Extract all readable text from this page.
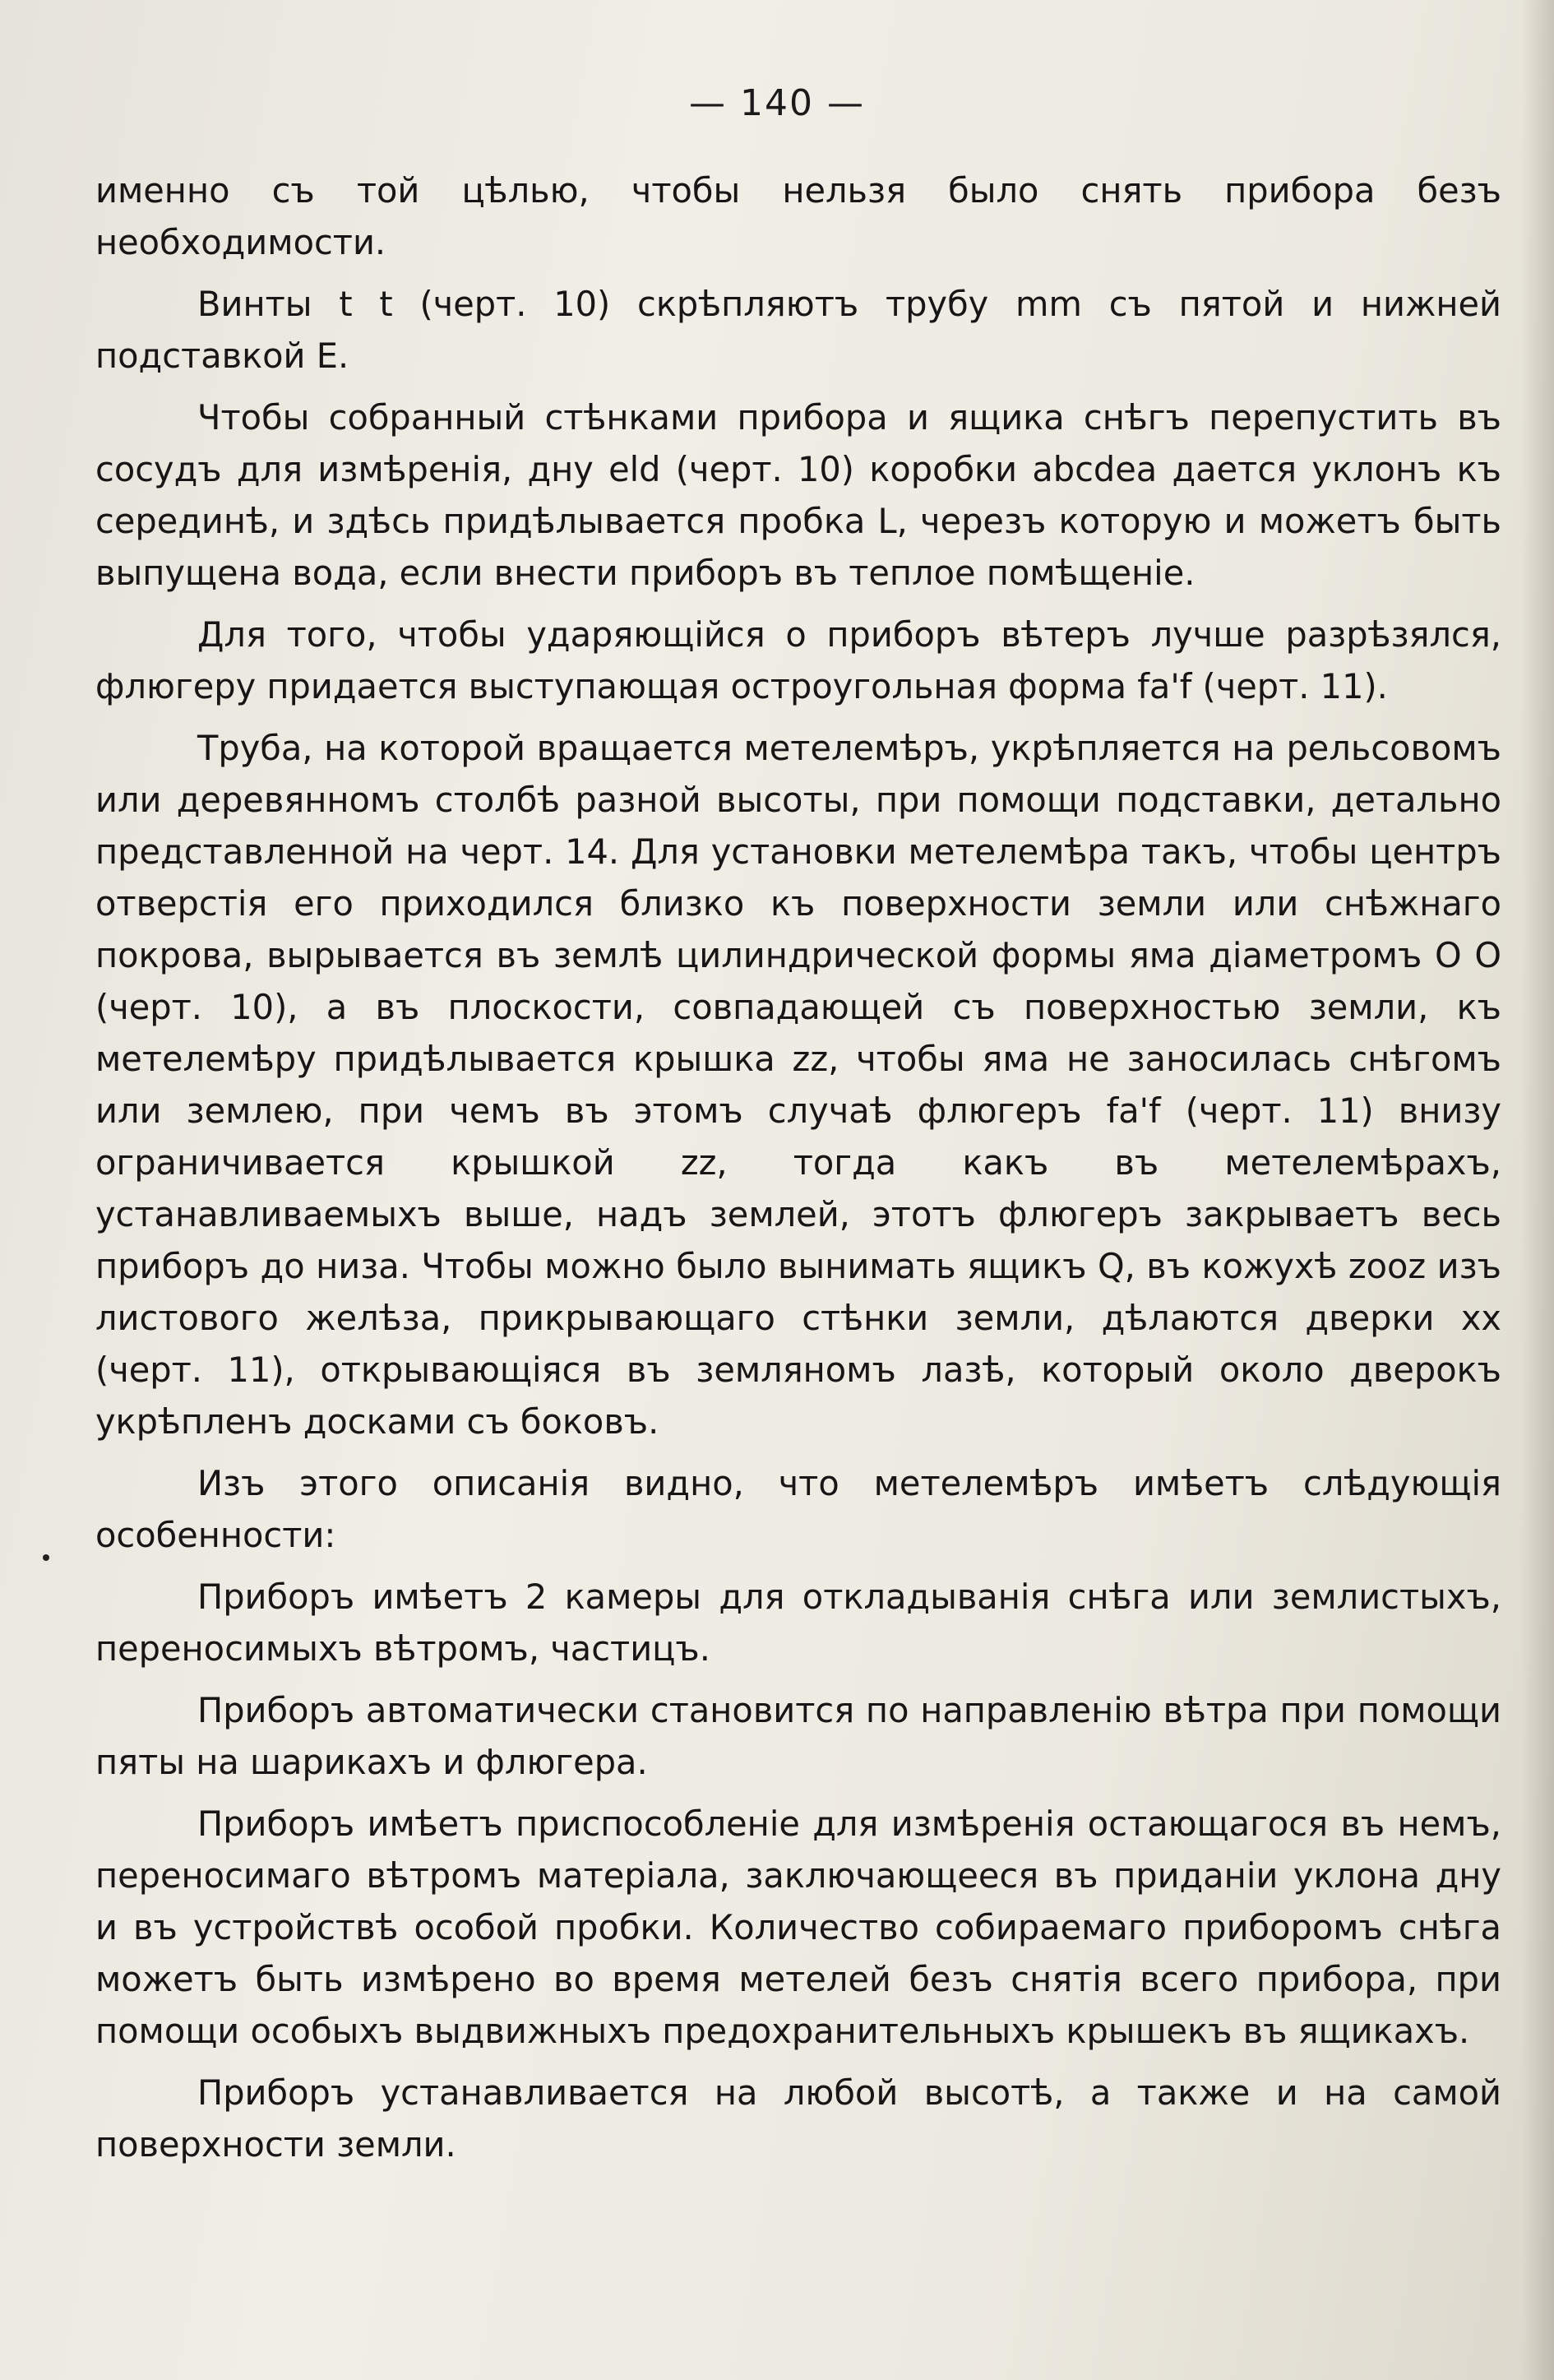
— 140 —

именно съ той цѣлью, чтобы нельзя было снять прибора безъ необходимости.

Винты t t (черт. 10) скрѣпляютъ трубу mm съ пятой и нижней подставкой E.

Чтобы собранный стѣнками прибора и ящика снѣгъ перепустить въ сосудъ для измѣренія, дну eld (черт. 10) коробки abcdea дается уклонъ къ серединѣ, и здѣсь придѣлывается пробка L, черезъ которую и можетъ быть выпущена вода, если внести приборъ въ теплое помѣщеніе.

Для того, чтобы ударяющійся о приборъ вѣтеръ лучше разрѣзялся, флюгеру придается выступающая остроугольная форма fa'f (черт. 11).

Труба, на которой вращается метелемѣръ, укрѣпляется на рельсовомъ или деревянномъ столбѣ разной высоты, при помощи подставки, детально представленной на черт. 14. Для установки метелемѣра такъ, чтобы центръ отверстія его приходился близко къ поверхности земли или снѣжнаго покрова, вырывается въ землѣ цилиндрической формы яма діаметромъ O O (черт. 10), а въ плоскости, совпадающей съ поверхностью земли, къ метелемѣру придѣлывается крышка zz, чтобы яма не заносилась снѣгомъ или землею, при чемъ въ этомъ случаѣ флюгеръ fa'f (черт. 11) внизу ограничивается крышкой zz, тогда какъ въ метелемѣрахъ, устанавливаемыхъ выше, надъ землей, этотъ флюгеръ закрываетъ весь приборъ до низа. Чтобы можно было вынимать ящикъ Q, въ кожухѣ zooz изъ листового желѣза, прикрывающаго стѣнки земли, дѣлаются дверки xx (черт. 11), открывающіяся въ земляномъ лазѣ, который около дверокъ укрѣпленъ досками съ боковъ.

Изъ этого описанія видно, что метелемѣръ имѣетъ слѣдующія особенности:

Приборъ имѣетъ 2 камеры для откладыванія снѣга или землистыхъ, переносимыхъ вѣтромъ, частицъ.

Приборъ автоматически становится по направленію вѣтра при помощи пяты на шарикахъ и флюгера.

Приборъ имѣетъ приспособленіе для измѣренія остающагося въ немъ, переносимаго вѣтромъ матеріала, заключающееся въ приданіи уклона дну и въ устройствѣ особой пробки. Количество собираемаго приборомъ снѣга можетъ быть измѣрено во время метелей безъ снятія всего прибора, при помощи особыхъ выдвижныхъ предохранительныхъ крышекъ въ ящикахъ.

Приборъ устанавливается на любой высотѣ, а также и на самой поверхности земли.
